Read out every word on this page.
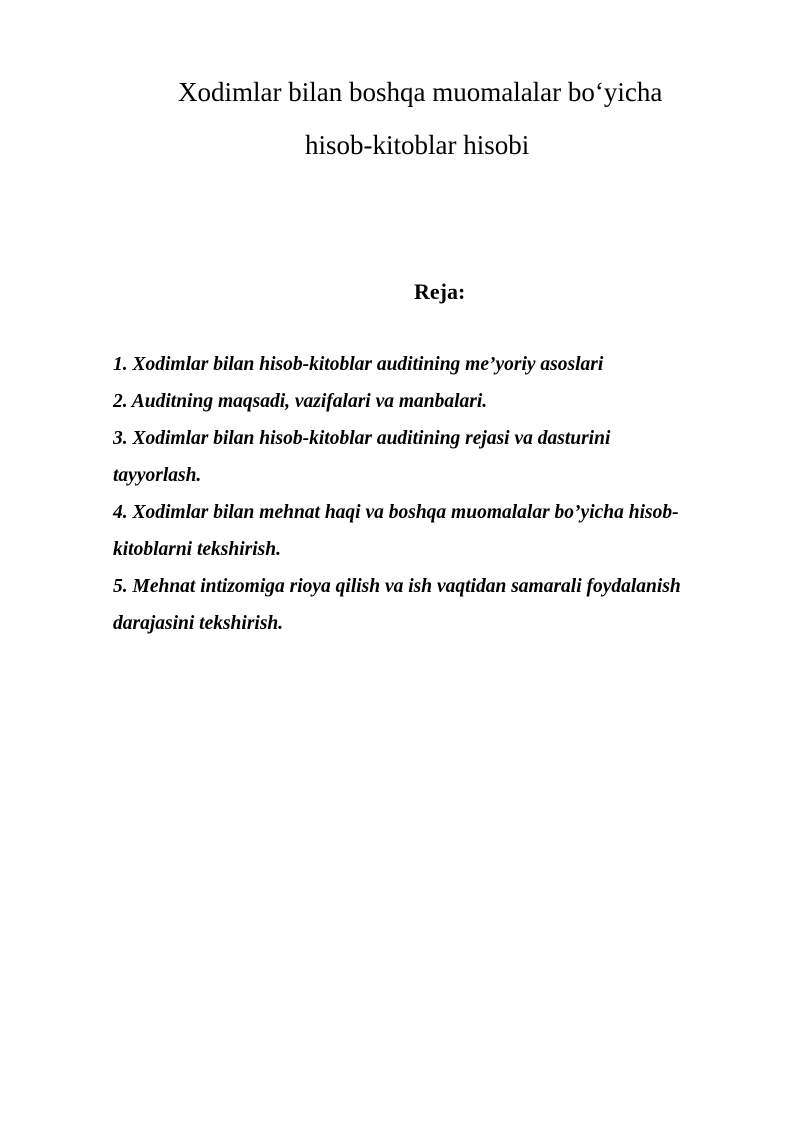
Xodimlar bilan boshqa muomalalar bo‘yicha
hisob-kitoblar hisobi
Reja:
1. Xodimlar bilan hisob-kitoblar auditining me’yoriy asoslari
2. Auditning maqsadi, vazifalari va manbalari.
3. Xodimlar bilan hisob-kitoblar auditining rejasi va dasturini
tayyorlash.
4. Xodimlar bilan mehnat haqi va boshqa muomalalar bo’yicha hisob-
kitoblarni tekshirish.
5. Mehnat intizomiga rioya qilish va ish vaqtidan samarali foydalanish
darajasini tekshirish.
